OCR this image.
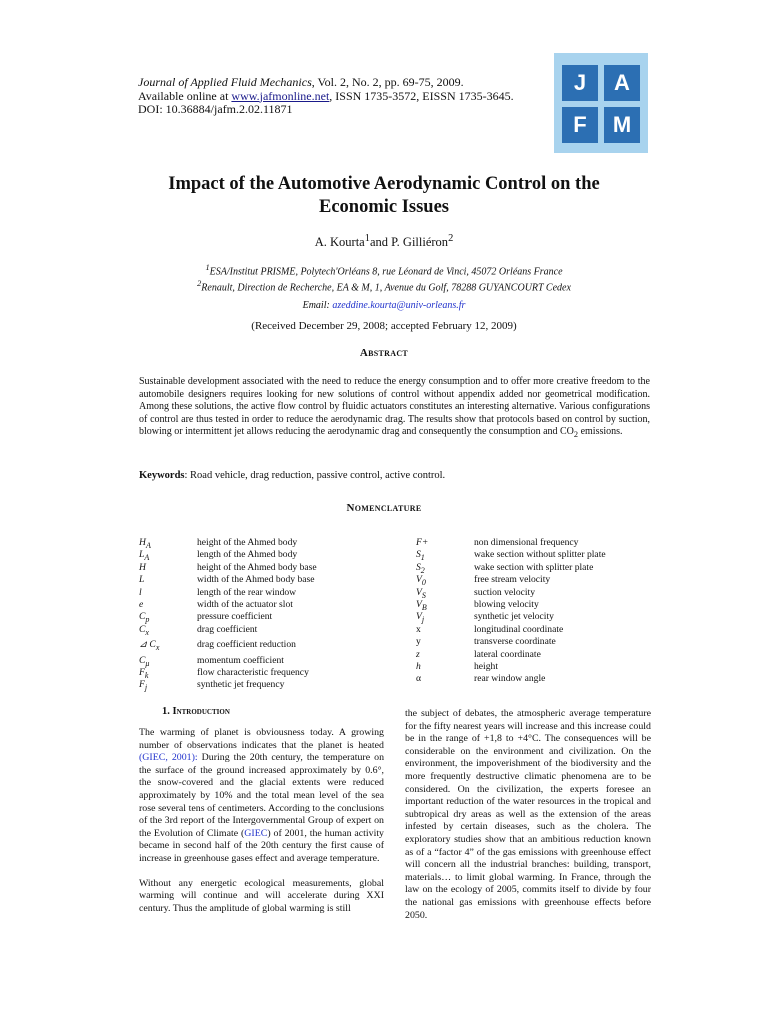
Journal of Applied Fluid Mechanics, Vol. 2, No. 2, pp. 69-75, 2009.
Available online at www.jafmonline.net, ISSN 1735-3572, EISSN 1735-3645.
DOI: 10.36884/jafm.2.02.11871
J	A
F	M
Impact of the Automotive Aerodynamic Control on the
Economic Issues
A. Kourta$^1$and P. Gilliéron$^2$
$^1$ESA/Institut PRISME, Polytech'Orléans 8, rue Léonard de Vinci, 45072 Orléans France
$^2$Renault, Direction de Recherche, EA & M, 1, Avenue du Golf, 78288 GUYANCOURT Cedex
Email: azeddine.kourta@univ-orleans.fr
(Received December 29, 2008; accepted February 12, 2009)
Abstract
Sustainable development associated with the need to reduce the energy consumption and to offer more creative freedom to the automobile designers requires looking for new solutions of control without appendix added nor geometrical modification. Among these solutions, the active flow control by fluidic actuators constitutes an interesting alternative. Various configurations of control are thus tested in order to reduce the aerodynamic drag. The results show that protocols based on control by suction, blowing or intermittent jet allows reducing the aerodynamic drag and consequently the consumption and $CO_2$ emissions.
Keywords: Road vehicle, drag reduction, passive control, active control.
Nomenclature
$H_A$	height of the Ahmed body
$L_A$	length of the Ahmed body
H	height of the Ahmed body base
L	width of the Ahmed body base
l	length of the rear window
e	width of the actuator slot
$C_p$	pressure coefficient
$C_x$	drag coefficient
⊿ $C_x$	drag coefficient reduction
$C_\mu$	momentum coefficient
$F_k$	flow characteristic frequency
$F_j$	synthetic jet frequency
F+	non dimensional frequency
$S_1$	wake section without splitter plate
$S_2$	wake section with splitter plate
$V_0$	free stream velocity
$V_S$	suction velocity
$V_B$	blowing velocity
$V_j$	synthetic jet velocity
x	longitudinal coordinate
y	transverse coordinate
z	lateral coordinate
h	height
α	rear window angle
1. Introduction

The warming of planet is obviousness today. A growing number of observations indicates that the planet is heated (GIEC, 2001): During the 20th century, the temperature on the surface of the ground increased approximately by 0.6°, the snow-covered and the glacial extents were reduced approximately by 10% and the total mean level of the sea rose several tens of centimeters. According to the conclusions of the 3rd report of the Intergovernmental Group of expert on the Evolution of Climate (GIEC) of 2001, the human activity became in second half of the 20th century the first cause of increase in greenhouse gases effect and average temperature.

Without any energetic ecological measurements, global warming will continue and will accelerate during XXI century. Thus the amplitude of global warming is still

the subject of debates, the atmospheric average temperature for the fifty nearest years will increase and this increase could be in the range of +1,8 to +4°C. The consequences will be considerable on the environment and civilization. On the environment, the impoverishment of the biodiversity and the more frequently destructive climatic phenomena are to be considered. On the civilization, the experts foresee an important reduction of the water resources in the tropical and subtropical dry areas as well as the extension of the areas infested by certain diseases, such as the cholera. The exploratory studies show that an ambitious reduction known as of a “factor 4” of the gas emissions with greenhouse effect will concern all the industrial branches: building, transport, materials… to limit global warming. In France, through the law on the ecology of 2005, commits itself to divide by four the national gas emissions with greenhouse effects before 2050.
